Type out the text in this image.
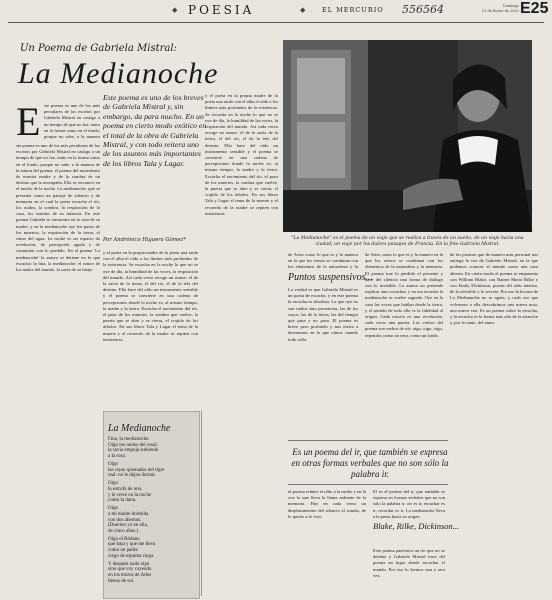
◆ POESIA	◆	EL MERCURIO 556564	Domingo
13 de Enero de 2002 E25
Un Poema de Gabriela Mistral:
La Medianoche
E ste poema es uno de los más peculiares de los escritos por Gabriela Mistral en castigo a un tiempo de que no fue, tanto en la forma como en el fondo, porque no sabe, a la manera
ste poema es uno de los más peculiares de los escritos por Gabriela Mistral en castigo a un tiempo de que no fue, tanto en la forma como en el fondo, porque no sabe, a la manera de la autora del poema, el poema del nacimiento de nuestra madre y de la sombra de un destino que la acompaña. Ella se reconoce en el medio de la noche. La medianoche, que se presenta como un paisaje de silencio y de memoria en el cual la poeta escucha el río, los ruidos, la sombra, la respiración de la casa, los sonidos de su infancia. En este poema Gabriela se encuentra en la casa de su madre, y en la medianoche oye los pasos de los muertos, la respiración de la tierra, el ritmo del agua. La noche es un espacio de revelación, de percepción aguda y de comunión con lo perdido. En el poema 'La medianoche' la autora se detiene en lo que escucha: la fina, la medianoche, el rumor de los nudos del mundo, la savia de su linaje.
Este poema es uno de los breves de Gabriela Mistral y, sin embargo, da para mucho. En un poema en cierto modo exótico en el total de la obra de Gabriela Mistral, y con todo reitera uno de los asuntos más importantes de los libros Tala y Lagar.
Por Andrónico Higuera Gómez*
y el poeta en la propia madre de la poeta una tarde con el alba el oído a los límites más profundos de la existencia. Se escucha en la noche lo que no se oye de día, la humildad de las voces, la respiración del mundo. Así cada verso recoge un rumor: el de la savia de la tierra, el del río, el de la tela del destino. Ella hace del oído un instrumento sensible y el poema se convierte en una cadena de percepciones donde la noche es, al mismo tiempo, la madre y la tierra. Escucha el nacimiento del río, el paso de los muertos, la sombra que vuelve, la puerta que se abre y se cierra, el crujido de los árboles. En sus libros Tala y Lagar el tema de la muerte y el recuerdo de la madre se repiten con insistencia.
La Medianoche
Fina, la medianoche.
Oigo los nudos del rosal:
la savia empuja subiendo
a la rosa.
Oigo
las rayas quemadas del tigre
real: no le dejan dormir.
Oigo
la estrofa de uno,
y le crece en la noche
como la duna.
Oigo
a mi madre dormida
con dos alientos.
(Duermo yo en ella,
de cinco años.)
Oigo el Ródano
que baja y que me lleva
como un padre
ciego de espuma ciega.
Y después nada oigo
sino que voy cayendo
en los muros de Arles
llenos de sol.
y el poeta en la propia madre de la poeta una tarde con el alba el oído a los límites más profundos de la existencia. Se escucha en la noche lo que no se oye de día, la humildad de las voces, la respiración del mundo. Así cada verso recoge un rumor: el de la savia de la tierra, el del río, el de la tela del destino. Ella hace del oído un instrumento sensible y el poema se convierte en una cadena de percepciones donde la noche es, al mismo tiempo, la madre y la tierra. Escucha el nacimiento del río, el paso de los muertos, la sombra que vuelve, la puerta que se abre y se cierra, el crujido de los árboles. En sus libros Tala y Lagar el tema de la muerte y el recuerdo de la madre se repiten con insistencia.
"La Medianoche" es el poema de un viaje que se realiza a través de un sueño, de un viaje hacia una ciudad; un viaje por los dulces paisajes de Francia. En la foto Gabriela Mistral.
de Artes como lo que es y la manera en la que los versos se combinan con los elementos de la naturaleza y la
Puntos suspensivos...
La verdad es que Gabriela Mistral es un poeta de escucha, y en este poema la escucha es absoluta. Lo que oye no son ruidos sino presencias, las de los suyos, las de la tierra, las del tiempo que pasa y no pasa. El poema es breve pero profundo y nos invita a detenernos en lo que oímos cuando todo calla.
de Artes como lo que es y la manera en la que los versos se combinan con los elementos de la naturaleza y la memoria. El poema trae lo perdido al presente y hace del silencio una forma de diálogo con lo invisible. La autora no pretende explicar sino escuchar, y en esa escucha la medianoche se vuelve sagrada. Oye en la casa las voces que hablan desde la tierra, y el sentido de todo ello es la fidelidad al origen. Cada estrofa es una revelación, cada verso una puerta. Los verbos del poema son verbos de oír: oigo, oigo, oigo, repetidos como un rezo, como un latido.
de los poemas que de manera más personal nos entrega la voz de Gabriela Mistral, en la que podemos conocer el mundo como una casa abierta. En cierto modo el poema se emparenta con William Blake, con Rainer Maria Rilke y con Emily Dickinson, poetas del oído interior, de lo invisible y lo secreto. Por eso la lectura de La Medianoche no se agota, y cada vez que volvemos a ella descubrimos una nueva nota, una nueva voz. Es un poema sobre la escucha, y la escucha es la forma más alta de la atención y, por lo tanto, del amor.
Es un poema del ir, que también se expresa en otras formas verbales que no son sólo la palabra ir.
el poema rehúye el oído a la noche y en la voz lo que lleva la llama ardiente de la memoria. Hay en cada verso un desplazamiento del silencio al sonido, de lo quieto a lo vivo.
El es el poema del ir, que también se expresa en formas verbales que no son sólo la palabra ir: oír es ir, escuchar es ir, recordar es ir. La medianoche lleva a la poeta hacia su origen.
Blake, Rilke, Dickinson...
Este poema pareciera un río que no se detiene y Gabriela Mistral hace del poema un lugar donde escuchar el mundo. Por eso lo leemos una y otra vez.
